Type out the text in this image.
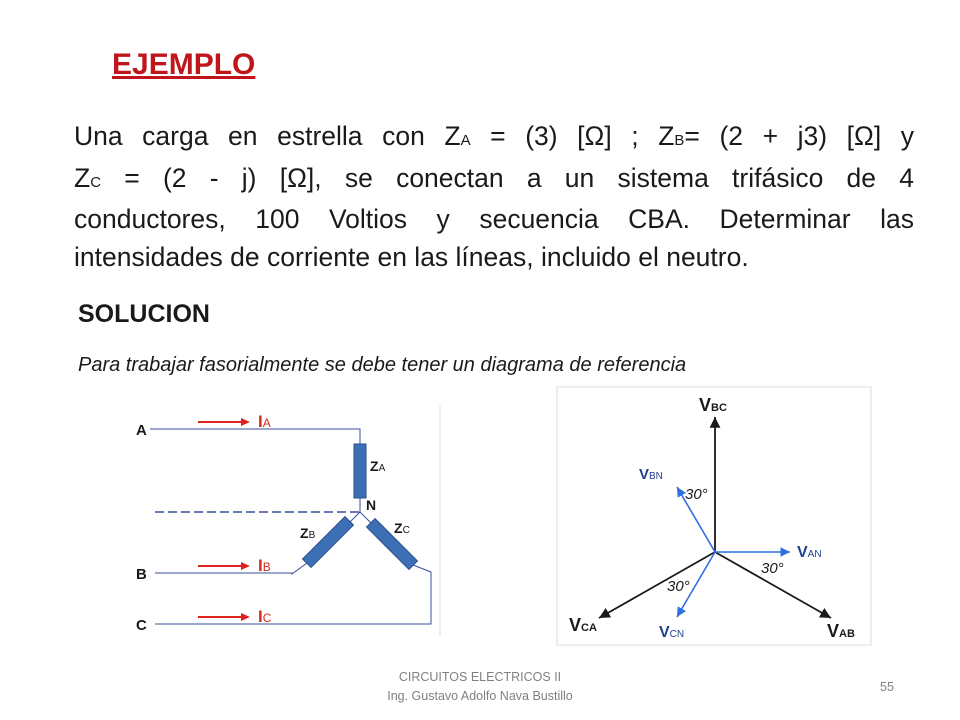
EJEMPLO
Una carga en estrella con ZA = (3) [Ω] ; ZB= (2 + j3) [Ω] y
ZC = (2 - j) [Ω], se conectan a un sistema trifásico de 4
conductores, 100 Voltios y secuencia CBA. Determinar las
intensidades de corriente en las líneas, incluido el neutro.
SOLUCION
Para trabajar fasorialmente se debe tener un diagrama de referencia
A
B
C
IA
IB
IC
ZA
ZB	ZC
N
VBC
VBN
VAN
VAB
VCA	VCN
30°
30°
30°
CIRCUITOS ELECTRICOS II
Ing. Gustavo Adolfo Nava Bustillo
55
